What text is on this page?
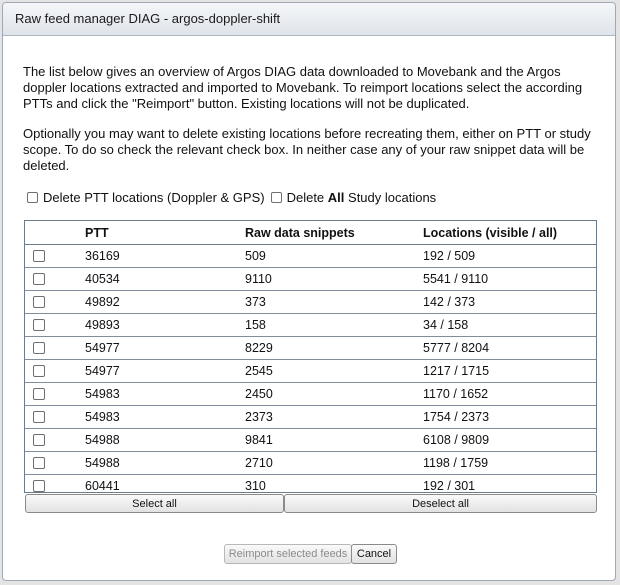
Raw feed manager DIAG - argos-doppler-shift

The list below gives an overview of Argos DIAG data downloaded to Movebank and the Argos doppler locations extracted and imported to Movebank. To reimport locations select the according PTTs and click the "Reimport" button. Existing locations will not be duplicated.

Optionally you may want to delete existing locations before recreating them, either on PTT or study scope. To do so check the relevant check box. In neither case any of your raw snippet data will be deleted.

Delete PTT locations (Doppler & GPS) Delete All Study locations
	PTT	Raw data snippets	Locations (visible / all)

	36169	509	192 / 509

	40534	9110	5541 / 9110

	49892	373	142 / 373

	49893	158	34 / 158

	54977	8229	5777 / 8204

	54977	2545	1217 / 1715

	54983	2450	1170 / 1652

	54983	2373	1754 / 2373

	54988	9841	6108 / 9809

	54988	2710	1198 / 1759

	60441	310	192 / 301
Select all	Deselect all
Reimport selected feeds Cancel
